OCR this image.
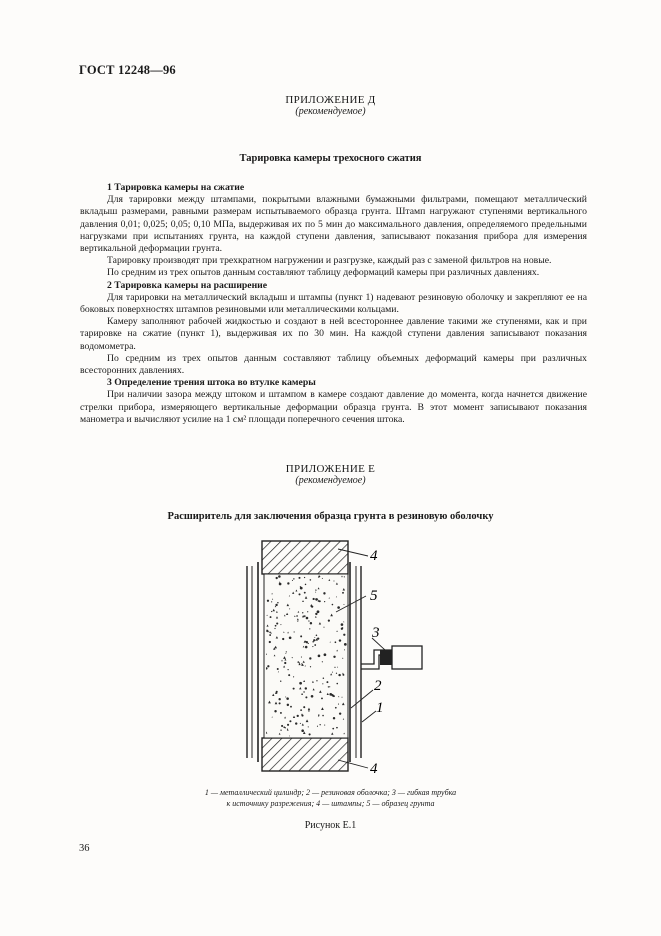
ГОСТ 12248—96
ПРИЛОЖЕНИЕ Д
(рекомендуемое)
Тарировка камеры трехосного сжатия

1 Тарировка камеры на сжатие

Для тарировки между штампами, покрытыми влажными бумажными фильтрами, помещают металлический вкладыш размерами, равными размерам испытываемого образца грунта. Штамп нагружают ступенями вертикального давления 0,01; 0,025; 0,05; 0,10 МПа, выдерживая их по 5 мин до максимального давления, определяемого предельными нагрузками при испытаниях грунта, на каждой ступени давления, записывают показания прибора для измерения вертикальной деформации грунта.

Тарировку производят при трехкратном нагружении и разгрузке, каждый раз с заменой фильтров на новые.

По средним из трех опытов данным составляют таблицу деформаций камеры при различных давлениях.

2 Тарировка камеры на расширение

Для тарировки на металлический вкладыш и штампы (пункт 1) надевают резиновую оболочку и закрепляют ее на боковых поверхностях штампов резиновыми или металлическими кольцами.

Камеру заполняют рабочей жидкостью и создают в ней всестороннее давление такими же ступенями, как и при тарировке на сжатие (пункт 1), выдерживая их по 30 мин. На каждой ступени давления записывают показания водомометра.

По средним из трех опытов данным составляют таблицу объемных деформаций камеры при различных всесторонних давлениях.

3 Определение трения штока во втулке камеры

При наличии зазора между штоком и штампом в камере создают давление до момента, когда начнется движение стрелки прибора, измеряющего вертикальные деформации образца грунта. В этот момент записывают показания манометра и вычисляют усилие на 1 см² площади поперечного сечения штока.

ПРИЛОЖЕНИЕ Е
(рекомендуемое)
Расширитель для заключения образца грунта в резиновую оболочку
4
5
3
2
1
4
1 — металлический цилиндр; 2 — резиновая оболочка; 3 — гибкая трубка
к источнику разрежения; 4 — штампы; 5 — образец грунта
Рисунок Е.1
36
